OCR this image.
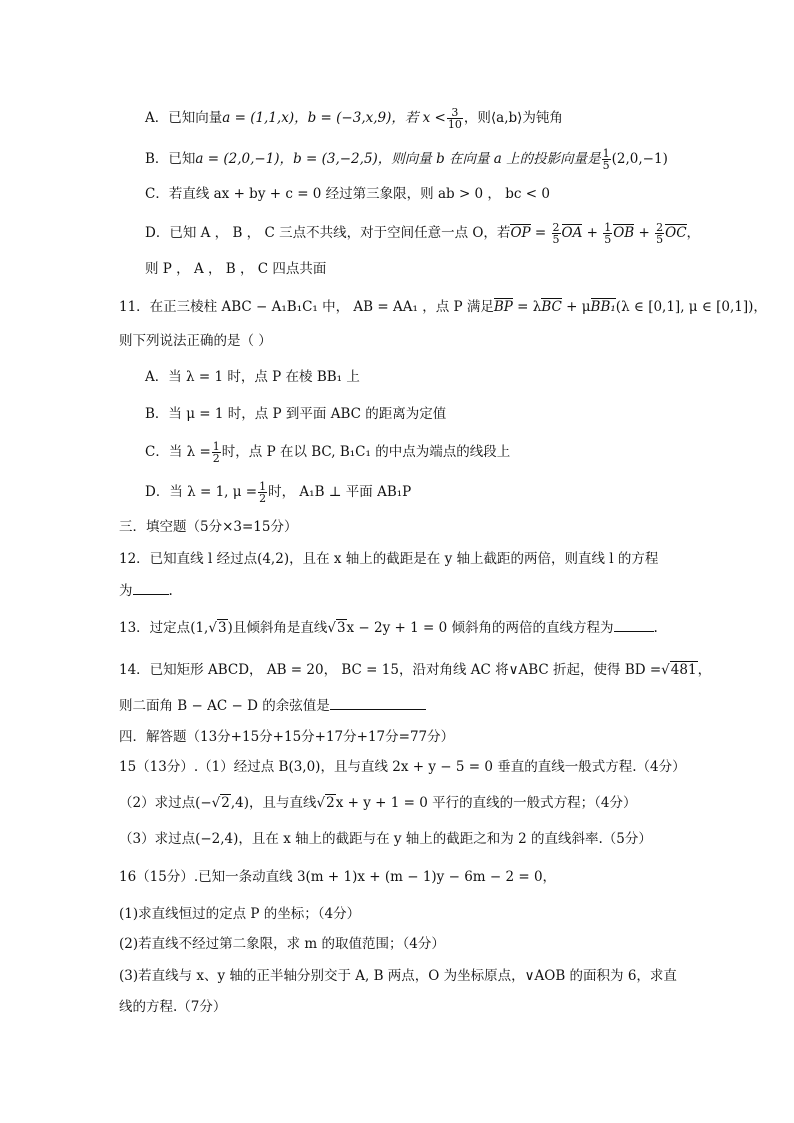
A．已知向量a = (1,1,x)，b = (−3,x,9)，若 $x < \frac{3}{10}$ ，则⟨a,b⟩为钝角
B．已知a = (2,0,−1)，b = (3,−2,5)，则向量 b 在向量 a 上的投影向量是 $\frac{1}{5} (2,0,-1)$
C．若直线 ax + by + c = 0 经过第三象限，则 ab > 0 ， bc < 0
D．已知 A ， B ， C 三点不共线，对于空间任意一点 O，若OP = $\frac{2}{5}$ OA + $\frac{1}{5}$ OB + $\frac{2}{5}$ OC，
则 P ， A ， B ， C 四点共面
11．在正三棱柱 ABC − A₁B₁C₁ 中， AB = AA₁ ，点 P 满足BP = λBC + μBB₁(λ ∈ [0,1], μ ∈ [0,1])，
则下列说法正确的是（ ）
A．当 λ = 1 时，点 P 在棱 BB₁ 上
B．当 μ = 1 时，点 P 到平面 ABC 的距离为定值
C．当 $\lambda = \frac{1}{2}$ 时，点 P 在以 BC, B₁C₁ 的中点为端点的线段上
D．当 λ = 1, $\mu = \frac{1}{2}$ 时， A₁B ⊥ 平面 AB₁P
三．填空题（5分×3=15分）
12．已知直线 l 经过点(4,2)，且在 x 轴上的截距是在 y 轴上截距的两倍，则直线 l 的方程
为	.
13．过定点(1,√3)且倾斜角是直线√3x − 2y + 1 = 0 倾斜角的两倍的直线方程为	.
14．已知矩形 ABCD， AB = 20， BC = 15，沿对角线 AC 将∨ABC 折起，使得 BD =√481，
则二面角 B − AC − D 的余弦值是
四．解答题（13分+15分+15分+17分+17分=77分）
15（13分）.（1）经过点 B(3,0)，且与直线 2x + y − 5 = 0 垂直的直线一般式方程.（4分）
（2）求过点(−√2,4)，且与直线√2x + y + 1 = 0 平行的直线的一般式方程；（4分）
（3）求过点(−2,4)，且在 x 轴上的截距与在 y 轴上的截距之和为 2 的直线斜率.（5分）
16（15分）.已知一条动直线 3(m + 1)x + (m − 1)y − 6m − 2 = 0，
(1)求直线恒过的定点 P 的坐标；（4分）
(2)若直线不经过第二象限，求 m 的取值范围；（4分）
(3)若直线与 x、y 轴的正半轴分别交于 A, B 两点，O 为坐标原点，∨AOB 的面积为 6，求直
线的方程.（7分）
